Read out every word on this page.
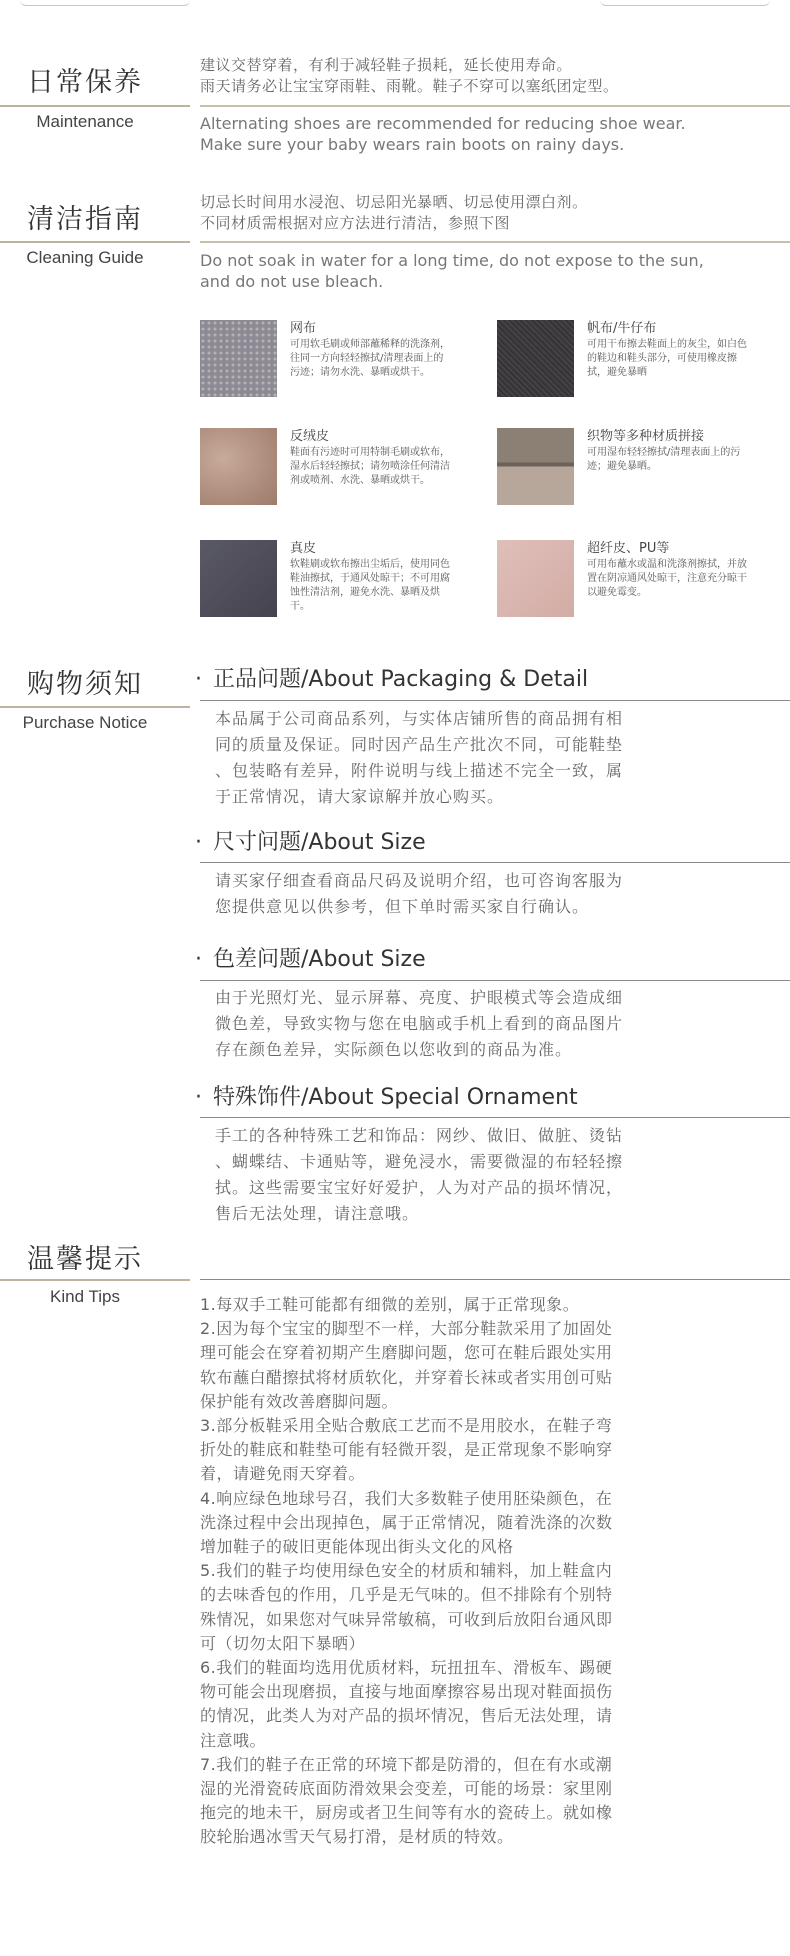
日常保养
Maintenance

建议交替穿着，有利于减轻鞋子损耗，延长使用寿命。

雨天请务必让宝宝穿雨鞋、雨靴。鞋子不穿可以塞纸团定型。

Alternating shoes are recommended for reducing shoe wear.

Make sure your baby wears rain boots on rainy days.

清洁指南
Cleaning Guide

切忌长时间用水浸泡、切忌阳光暴晒、切忌使用漂白剂。

不同材质需根据对应方法进行清洁，参照下图

Do not soak in water for a long time, do not expose to the sun,

and do not use bleach.

网布
可用软毛刷或师部蘸稀释的洗涤剂，往同一方向轻轻擦拭/清理表面上的污迹；请勿水洗、暴晒或烘干。
帆布/牛仔布
可用干布擦去鞋面上的灰尘，如白色的鞋边和鞋头部分，可使用橡皮擦拭，避免暴晒
反绒皮
鞋面有污迹时可用特制毛刷或软布，湿水后轻轻擦拭；请勿喷涂任何清洁剂或喷剂、水洗、暴晒或烘干。
织物等多种材质拼接
可用湿布轻轻擦拭/清理表面上的污迹；避免暴晒。
真皮
软鞋刷或软布擦出尘垢后，使用同色鞋油擦拭，于通风处晾干；不可用腐蚀性清洁剂，避免水洗、暴晒及烘干。
超纤皮、PU等
可用布蘸水或温和洗涤剂擦拭，并放置在阴凉通风处晾干，注意充分晾干以避免霉变。
购物须知
Purchase Notice
· 正品问题/About Packaging & Detail

本品属于公司商品系列，与实体店铺所售的商品拥有相

同的质量及保证。同时因产品生产批次不同，可能鞋垫

、包装略有差异，附件说明与线上描述不完全一致，属

于正常情况，请大家谅解并放心购买。

· 尺寸问题/About Size

请买家仔细查看商品尺码及说明介绍，也可咨询客服为

您提供意见以供参考，但下单时需买家自行确认。

· 色差问题/About Size

由于光照灯光、显示屏幕、亮度、护眼模式等会造成细

微色差，导致实物与您在电脑或手机上看到的商品图片

存在颜色差异，实际颜色以您收到的商品为准。

· 特殊饰件/About Special Ornament

手工的各种特殊工艺和饰品：网纱、做旧、做脏、烫钻

、蝴蝶结、卡通贴等，避免浸水，需要微湿的布轻轻擦

拭。这些需要宝宝好好爱护，人为对产品的损坏情况，

售后无法处理，请注意哦。

温馨提示
Kind Tips	1.每双手工鞋可能都有细微的差别，属于正常现象。

2.因为每个宝宝的脚型不一样，大部分鞋款采用了加固处

理可能会在穿着初期产生磨脚问题，您可在鞋后跟处实用

软布蘸白醋擦拭将材质软化，并穿着长袜或者实用创可贴

保护能有效改善磨脚问题。

3.部分板鞋采用全贴合敷底工艺而不是用胶水，在鞋子弯

折处的鞋底和鞋垫可能有轻微开裂，是正常现象不影响穿

着，请避免雨天穿着。

4.响应绿色地球号召，我们大多数鞋子使用胚染颜色，在

洗涤过程中会出现掉色，属于正常情况，随着洗涤的次数

增加鞋子的破旧更能体现出街头文化的风格

5.我们的鞋子均使用绿色安全的材质和辅料，加上鞋盒内

的去味香包的作用，几乎是无气味的。但不排除有个别特

殊情况，如果您对气味异常敏稿，可收到后放阳台通风即

可（切勿太阳下暴晒）

6.我们的鞋面均选用优质材料，玩扭扭车、滑板车、踢硬

物可能会出现磨损，直接与地面摩擦容易出现对鞋面损伤

的情况，此类人为对产品的损坏情况，售后无法处理，请

注意哦。

7.我们的鞋子在正常的环境下都是防滑的，但在有水或潮

湿的光滑瓷砖底面防滑效果会变差，可能的场景：家里刚

拖完的地未干，厨房或者卫生间等有水的瓷砖上。就如橡

胶轮胎遇冰雪天气易打滑，是材质的特效。
